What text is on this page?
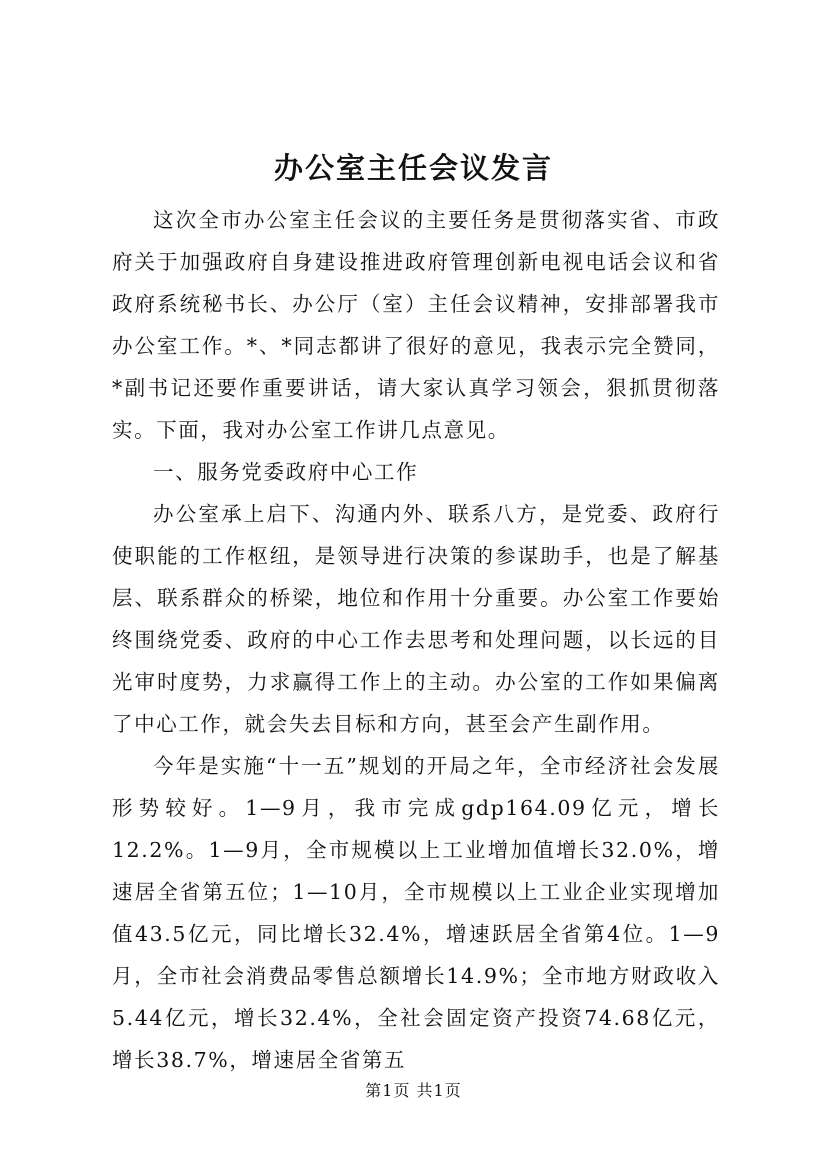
办公室主任会议发言

这次全市办公室主任会议的主要任务是贯彻落实省、市政府关于加强政府自身建设推进政府管理创新电视电话会议和省政府系统秘书长、办公厅（室）主任会议精神，安排部署我市办公室工作。*、*同志都讲了很好的意见，我表示完全赞同，*副书记还要作重要讲话，请大家认真学习领会，狠抓贯彻落实。下面，我对办公室工作讲几点意见。

一、服务党委政府中心工作

办公室承上启下、沟通内外、联系八方，是党委、政府行使职能的工作枢纽，是领导进行决策的参谋助手，也是了解基层、联系群众的桥梁，地位和作用十分重要。办公室工作要始终围绕党委、政府的中心工作去思考和处理问题，以长远的目光审时度势，力求赢得工作上的主动。办公室的工作如果偏离了中心工作，就会失去目标和方向，甚至会产生副作用。

今年是实施“十一五”规划的开局之年，全市经济社会发展形势较好。1—9月，我市完成gdp164.09亿元，增长12.2%。1—9月，全市规模以上工业增加值增长32.0%，增速居全省第五位；1—10月，全市规模以上工业企业实现增加值43.5亿元，同比增长32.4%，增速跃居全省第4位。1—9月，全市社会消费品零售总额增长14.9%；全市地方财政收入5.44亿元，增长32.4%，全社会固定资产投资74.68亿元，增长38.7%，增速居全省第五

第1页 共1页
